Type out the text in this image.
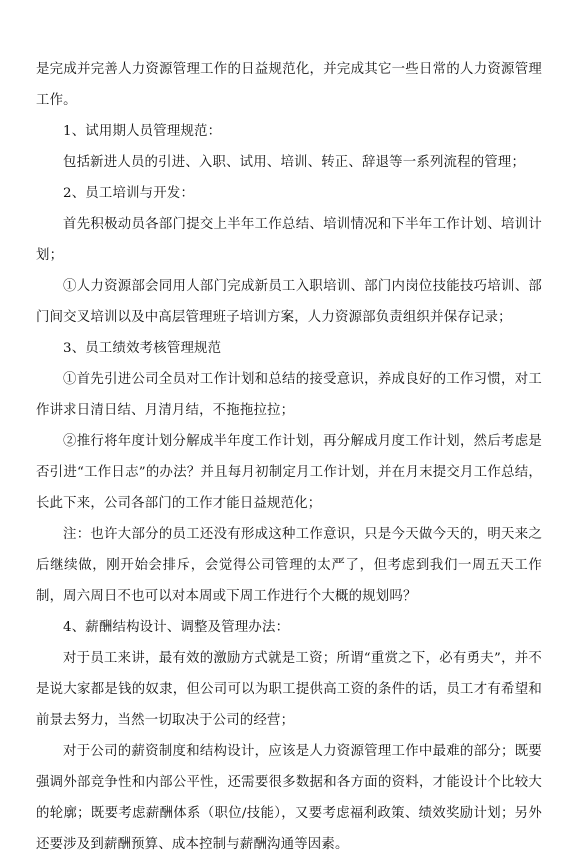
是完成并完善人力资源管理工作的日益规范化，并完成其它一些日常的人力资源管理工作。

1、试用期人员管理规范：

包括新进人员的引进、入职、试用、培训、转正、辞退等一系列流程的管理；

2、员工培训与开发：

首先积极动员各部门提交上半年工作总结、培训情况和下半年工作计划、培训计划；

①人力资源部会同用人部门完成新员工入职培训、部门内岗位技能技巧培训、部门间交叉培训以及中高层管理班子培训方案，人力资源部负责组织并保存记录；

3、员工绩效考核管理规范

①首先引进公司全员对工作计划和总结的接受意识，养成良好的工作习惯，对工作讲求日清日结、月清月结，不拖拖拉拉；

②推行将年度计划分解成半年度工作计划，再分解成月度工作计划，然后考虑是否引进“工作日志”的办法？并且每月初制定月工作计划，并在月末提交月工作总结，长此下来，公司各部门的工作才能日益规范化；

注：也许大部分的员工还没有形成这种工作意识，只是今天做今天的，明天来之后继续做，刚开始会排斥，会觉得公司管理的太严了，但考虑到我们一周五天工作制，周六周日不也可以对本周或下周工作进行个大概的规划吗？

4、薪酬结构设计、调整及管理办法：

对于员工来讲，最有效的激励方式就是工资；所谓“重赏之下，必有勇夫”，并不是说大家都是钱的奴隶，但公司可以为职工提供高工资的条件的话，员工才有希望和前景去努力，当然一切取决于公司的经营；

对于公司的薪资制度和结构设计，应该是人力资源管理工作中最难的部分；既要强调外部竞争性和内部公平性，还需要很多数据和各方面的资料，才能设计个比较大的轮廓；既要考虑薪酬体系（职位/技能），又要考虑福利政策、绩效奖励计划；另外还要涉及到薪酬预算、成本控制与薪酬沟通等因素。
